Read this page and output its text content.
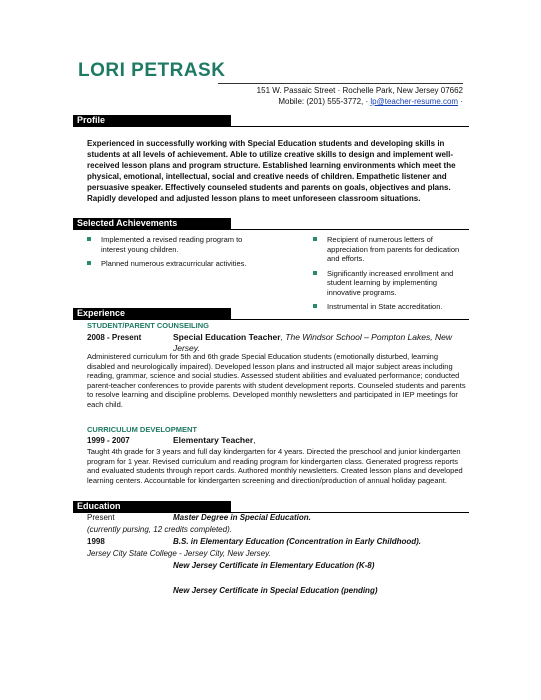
LORI PETRASK
151 W. Passaic Street · Rochelle Park, New Jersey 07662
Mobile: (201) 555-3772, · lp@teacher-resume.com ·
Profile
Experienced in successfully working with Special Education students and developing skills in students at all levels of achievement. Able to utilize creative skills to design and implement well-received lesson plans and program structure. Established learning environments which meet the physical, emotional, intellectual, social and creative needs of children. Empathetic listener and persuasive speaker. Effectively counseled students and parents on goals, objectives and plans. Rapidly developed and adjusted lesson plans to meet unforeseen classroom situations.
Selected Achievements
Implemented a revised reading program to interest young children.
Planned numerous extracurricular activities.
Recipient of numerous letters of appreciation from parents for dedication and efforts.
Significantly increased enrollment and student learning by implementing innovative programs.
Instrumental in State accreditation.
Experience
STUDENT/PARENT COUNSEILING
2008 - Present	Special Education Teacher, The Windsor School – Pompton Lakes, New Jersey.
Administered curriculum for 5th and 6th grade Special Education students (emotionally disturbed, learning disabled and neurologically impaired). Developed lesson plans and instructed all major subject areas including reading, grammar, science and social studies. Assessed student abilities and evaluated performance; conducted parent-teacher conferences to provide parents with student development reports. Counseled students and parents to resolve learning and discipline problems. Developed monthly newsletters and participated in IEP meetings for each child.
CURRICULUM DEVELOPMENT
1999 - 2007	Elementary Teacher,
Taught 4th grade for 3 years and full day kindergarten for 4 years. Directed the preschool and junior kindergarten program for 1 year. Revised curriculum and reading program for kindergarten class. Generated progress reports and evaluated students through report cards. Authored monthly newsletters. Created lesson plans and developed learning centers. Accountable for kindergarten screening and direction/production of annual holiday pageant.
Education
Present	Master Degree in Special Education.
(currently pursing, 12 credits completed).
1998	B.S. in Elementary Education (Concentration in Early Childhood).
Jersey City State College - Jersey City, New Jersey.
New Jersey Certificate in Elementary Education (K-8)
New Jersey Certificate in Special Education (pending)
